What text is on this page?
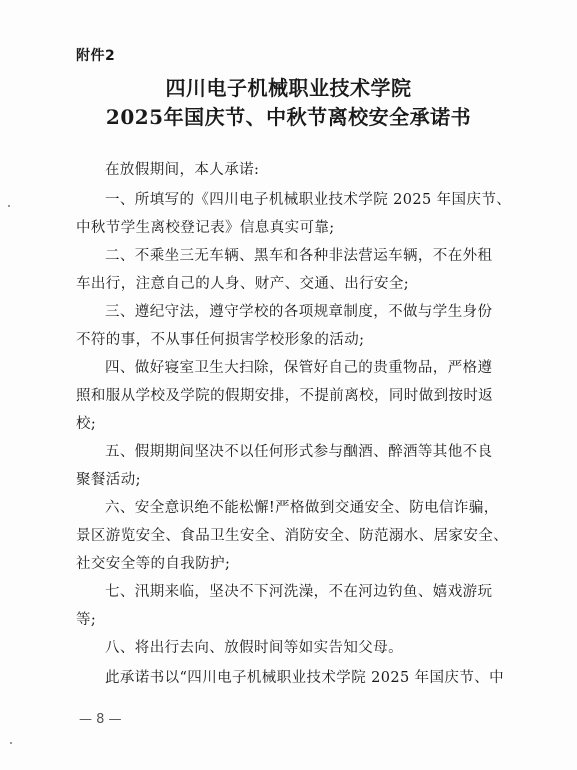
附件2
四川电子机械职业技术学院
2025年国庆节、中秋节离校安全承诺书
在放假期间，本人承诺:
一、所填写的《四川电子机械职业技术学院 2025 年国庆节、
中秋节学生离校登记表》信息真实可靠;
二、不乘坐三无车辆、黑车和各种非法营运车辆，不在外租
车出行，注意自己的人身、财产、交通、出行安全;
三、遵纪守法，遵守学校的各项规章制度，不做与学生身份
不符的事，不从事任何损害学校形象的活动;
四、做好寝室卫生大扫除，保管好自己的贵重物品，严格遵
照和服从学校及学院的假期安排，不提前离校，同时做到按时返
校;
五、假期期间坚决不以任何形式参与酗酒、醉酒等其他不良
聚餐活动;
六、安全意识绝不能松懈!严格做到交通安全、防电信诈骗，
景区游览安全、食品卫生安全、消防安全、防范溺水、居家安全、
社交安全等的自我防护;
七、汛期来临，坚决不下河洗澡，不在河边钓鱼、嬉戏游玩
等;
八、将出行去向、放假时间等如实告知父母。
此承诺书以“四川电子机械职业技术学院 2025 年国庆节、中
— 8 —
